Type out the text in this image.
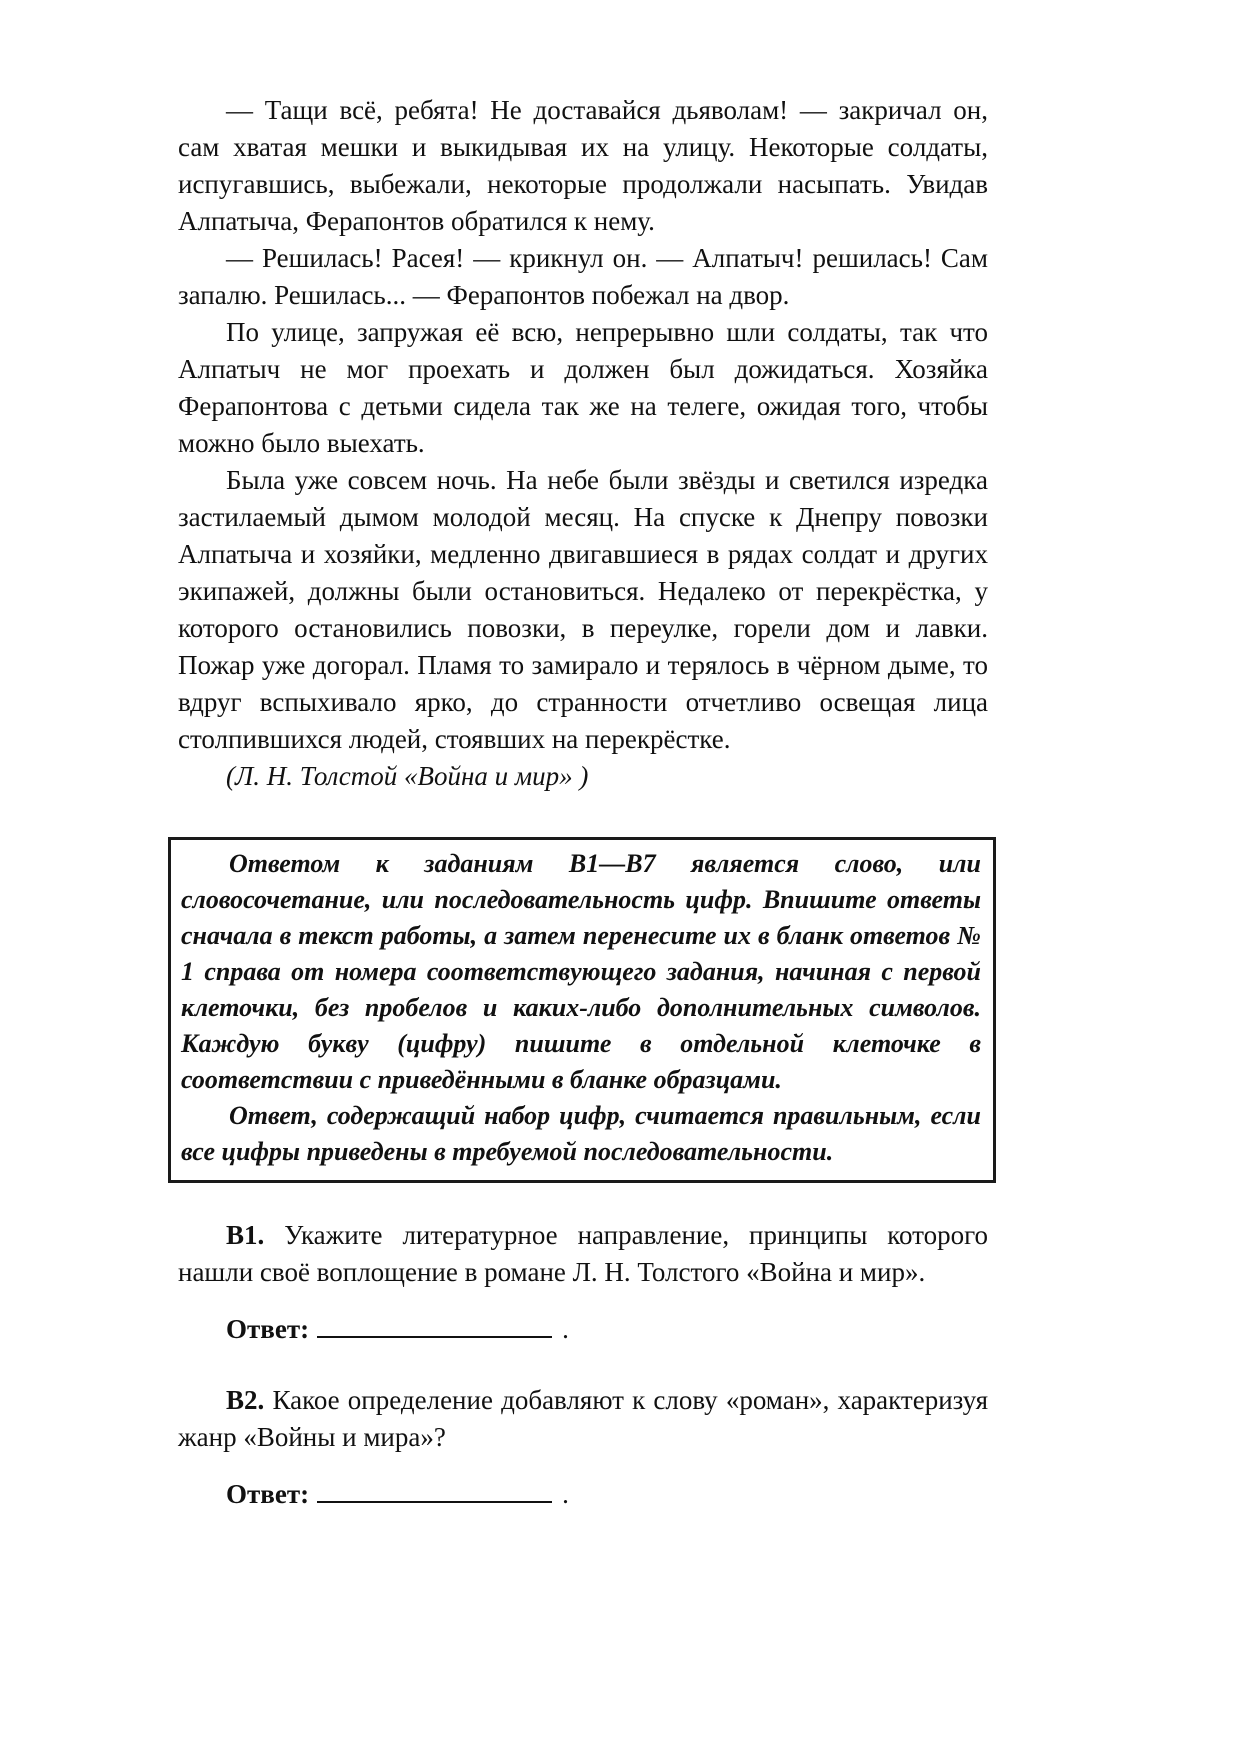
— Тащи всё, ребята! Не доставайся дьяволам! — закричал он, сам хватая мешки и выкидывая их на улицу. Некоторые солдаты, испугавшись, выбежали, некоторые продолжали насыпать. Увидав Алпатыча, Ферапонтов обратился к нему.

— Решилась! Расея! — крикнул он. — Алпатыч! решилась! Сам запалю. Решилась... — Ферапонтов побежал на двор.

По улице, запружая её всю, непрерывно шли солдаты, так что Алпатыч не мог проехать и должен был дожидаться. Хозяйка Ферапонтова с детьми сидела так же на телеге, ожидая того, чтобы можно было выехать.

Была уже совсем ночь. На небе были звёзды и светился изредка застилаемый дымом молодой месяц. На спуске к Днепру повозки Алпатыча и хозяйки, медленно двигавшиеся в рядах солдат и других экипажей, должны были остановиться. Недалеко от перекрёстка, у которого остановились повозки, в переулке, горели дом и лавки. Пожар уже догорал. Пламя то замирало и терялось в чёрном дыме, то вдруг вспыхивало ярко, до странности отчетливо освещая лица столпившихся людей, стоявших на перекрёстке.

(Л. Н. Толстой «Война и мир» )

Ответом к заданиям В1—В7 является слово, или словосочетание, или последовательность цифр. Впишите ответы сначала в текст работы, а затем перенесите их в бланк ответов № 1 справа от номера соответствующего задания, начиная с первой клеточки, без пробелов и каких-либо дополнительных символов. Каждую букву (цифру) пишите в отдельной клеточке в соответствии с приведёнными в бланке образцами.

Ответ, содержащий набор цифр, считается правильным, если все цифры приведены в требуемой последовательности.

В1. Укажите литературное направление, принципы которого нашли своё воплощение в романе Л. Н. Толстого «Война и мир».

Ответ:	.

В2. Какое определение добавляют к слову «роман», характеризуя жанр «Войны и мира»?

Ответ:	.
